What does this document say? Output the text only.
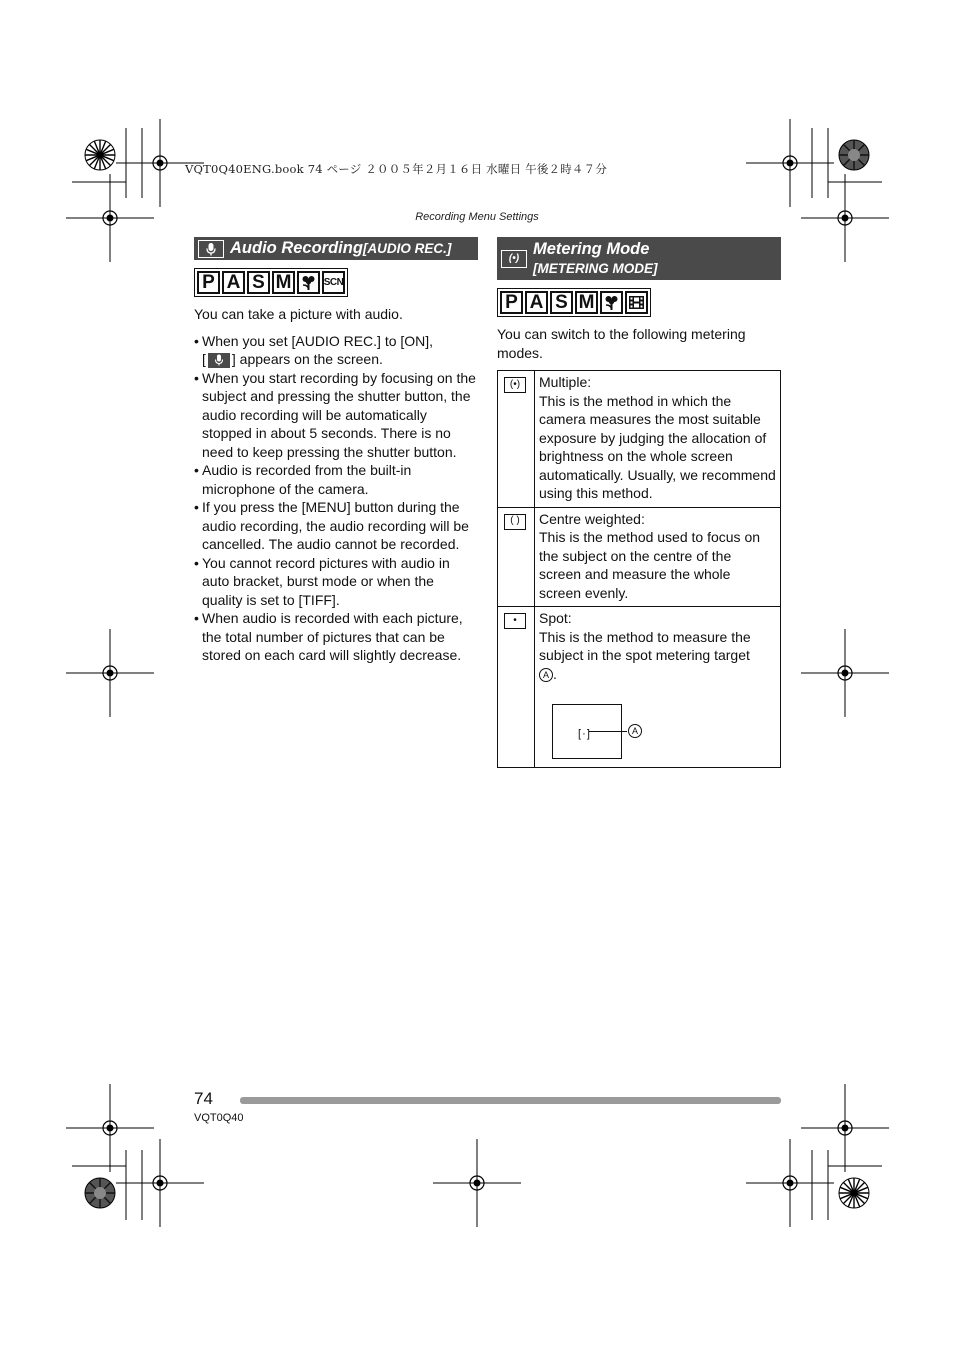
VQT0Q40ENG.book 74 ページ ２００５年２月１６日 水曜日 午後２時４７分
Recording Menu Settings
Audio Recording [AUDIO REC.]
P A S M	SCN

You can take a picture with audio.

• When you set [AUDIO REC.] to [ON],
[ ] appears on the screen.
• When you start recording by focusing on the subject and pressing the shutter button, the audio recording will be automatically stopped in about 5 seconds. There is no need to keep pressing the shutter button.
• Audio is recorded from the built-in microphone of the camera.
• If you press the [MENU] button during the audio recording, the audio recording will be cancelled. The audio cannot be recorded.
• You cannot record pictures with audio in auto bracket, burst mode or when the quality is set to [TIFF].
• When audio is recorded with each picture, the total number of pictures that can be stored on each card will slightly decrease.
(•)
Metering Mode
[METERING MODE]
P A S M

You can switch to the following metering modes.

(•)	Multiple:
This is the method in which the camera measures the most suitable exposure by judging the allocation of brightness on the whole screen automatically. Usually, we recommend using this method.

( )	Centre weighted:
This is the method used to focus on the subject on the centre of the screen and measure the whole screen evenly.

•	Spot:
This is the method to measure the subject in the spot metering target
A .
[ · ] A
74
VQT0Q40
